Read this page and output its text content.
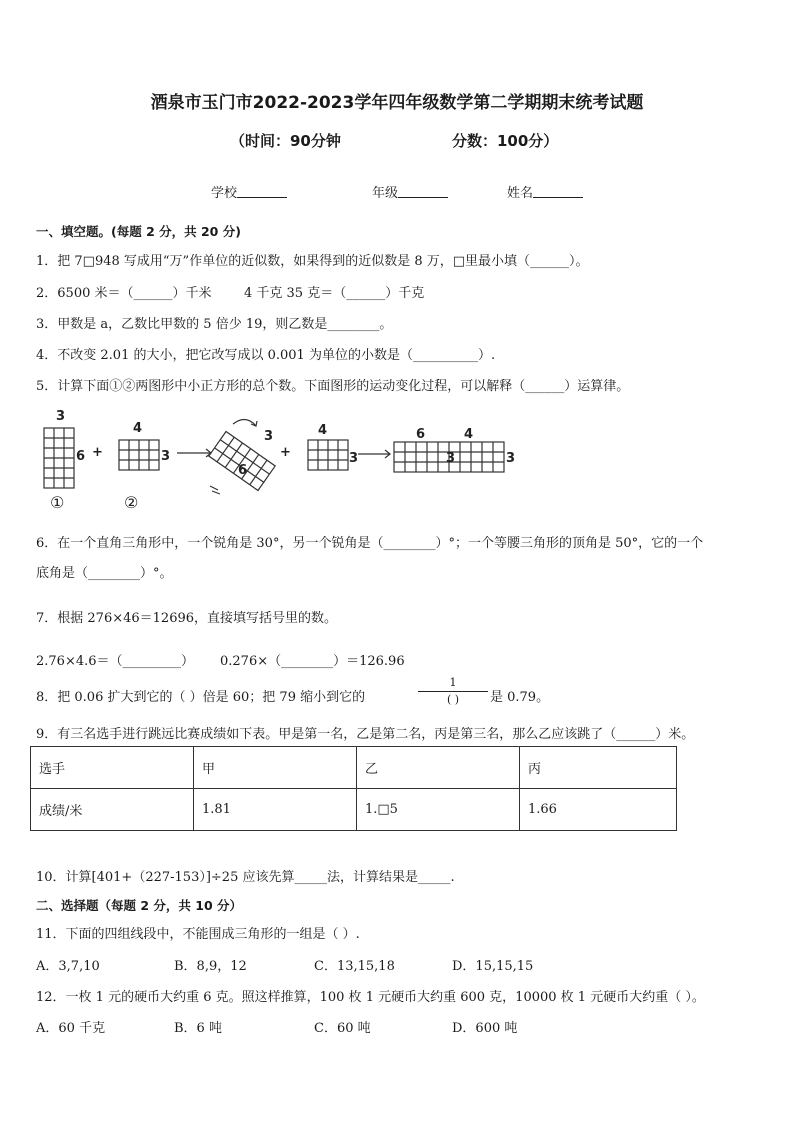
酒泉市玉门市2022-2023学年四年级数学第二学期期末统考试题
（时间：90分钟	分数：100分）
学校	年级	姓名
一、填空题。(每题 2 分，共 20 分)
1．把 7□948 写成用“万”作单位的近似数，如果得到的近似数是 8 万，□里最小填（______）。
2．6500 米＝（______）千米	4 千克 35 克＝（______）千克
3．甲数是 a，乙数比甲数的 5 倍少 19，则乙数是________。
4．不改变 2.01 的大小，把它改写成以 0.001 为单位的小数是（__________）.
5．计算下面①②两图形中小正方形的总个数。下面图形的运动变化过程，可以解释（______）运算律。
3
6 +
4
3
3
6
+
4
3
6	4
3	3
①	②
6．在一个直角三角形中，一个锐角是 30°，另一个锐角是（________）°；一个等腰三角形的顶角是 50°，它的一个
底角是（________）°。
7．根据 276×46＝12696，直接填写括号里的数。
2.76×4.6＝（_________） 0.276×（________）＝126.96
8．把 0.06 扩大到它的（ ）倍是 60；把 79 缩小到它的
1
( )	是 0.79。
9．有三名选手进行跳远比赛成绩如下表。甲是第一名，乙是第二名，丙是第三名，那么乙应该跳了（______）米。
选手	甲	乙	丙
成绩/米	1.81	1.□5	1.66
10．计算[401+（227-153）]÷25 应该先算_____法，计算结果是_____.
二、选择题（每题 2 分，共 10 分）
11．下面的四组线段中，不能围成三角形的一组是（ ）.
A．3,7,10	B．8,9，12	C．13,15,18	D．15,15,15
12．一枚 1 元的硬币大约重 6 克。照这样推算，100 枚 1 元硬币大约重 600 克，10000 枚 1 元硬币大约重（ ）。
A．60 千克	B．6 吨	C．60 吨	D．600 吨
